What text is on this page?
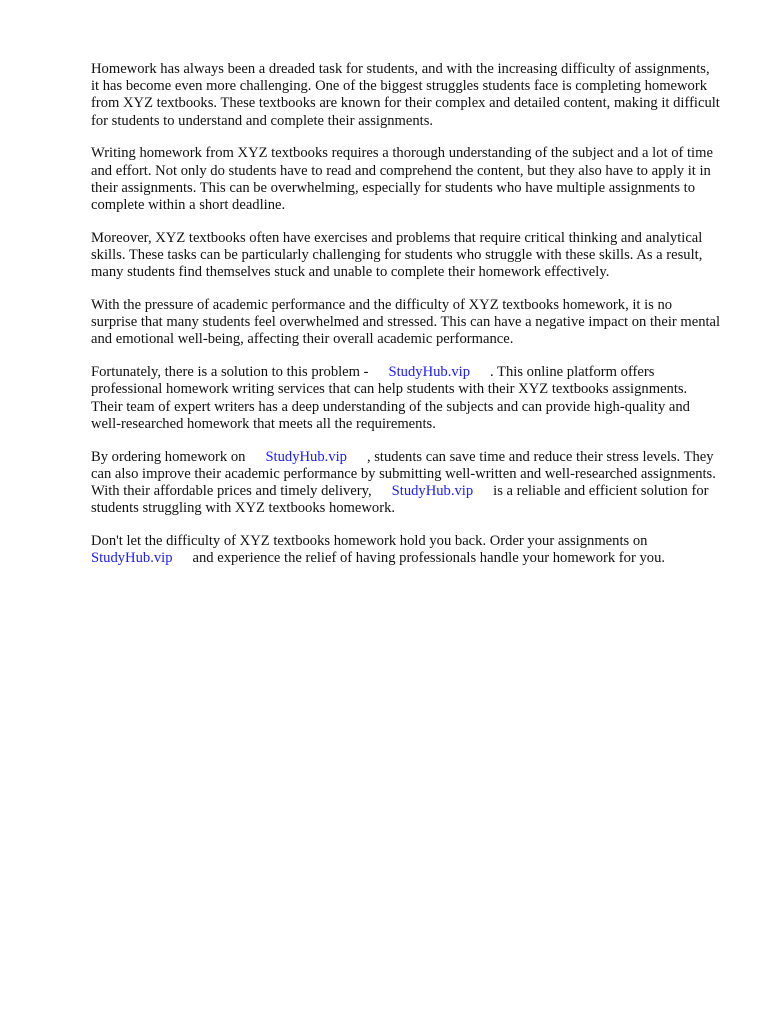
Homework has always been a dreaded task for students, and with the increasing difficulty of assignments, it has become even more challenging. One of the biggest struggles students face is completing homework from XYZ textbooks. These textbooks are known for their complex and detailed content, making it difficult for students to understand and complete their assignments.

Writing homework from XYZ textbooks requires a thorough understanding of the subject and a lot of time and effort. Not only do students have to read and comprehend the content, but they also have to apply it in their assignments. This can be overwhelming, especially for students who have multiple assignments to complete within a short deadline.

Moreover, XYZ textbooks often have exercises and problems that require critical thinking and analytical skills. These tasks can be particularly challenging for students who struggle with these skills. As a result, many students find themselves stuck and unable to complete their homework effectively.

With the pressure of academic performance and the difficulty of XYZ textbooks homework, it is no surprise that many students feel overwhelmed and stressed. This can have a negative impact on their mental and emotional well-being, affecting their overall academic performance.

Fortunately, there is a solution to this problem - StudyHub.vip . This online platform offers professional homework writing services that can help students with their XYZ textbooks assignments. Their team of expert writers has a deep understanding of the subjects and can provide high-quality and well-researched homework that meets all the requirements.

By ordering homework on StudyHub.vip , students can save time and reduce their stress levels. They can also improve their academic performance by submitting well-written and well-researched assignments. With their affordable prices and timely delivery, StudyHub.vip is a reliable and efficient solution for students struggling with XYZ textbooks homework.

Don't let the difficulty of XYZ textbooks homework hold you back. Order your assignments on StudyHub.vip and experience the relief of having professionals handle your homework for you.
